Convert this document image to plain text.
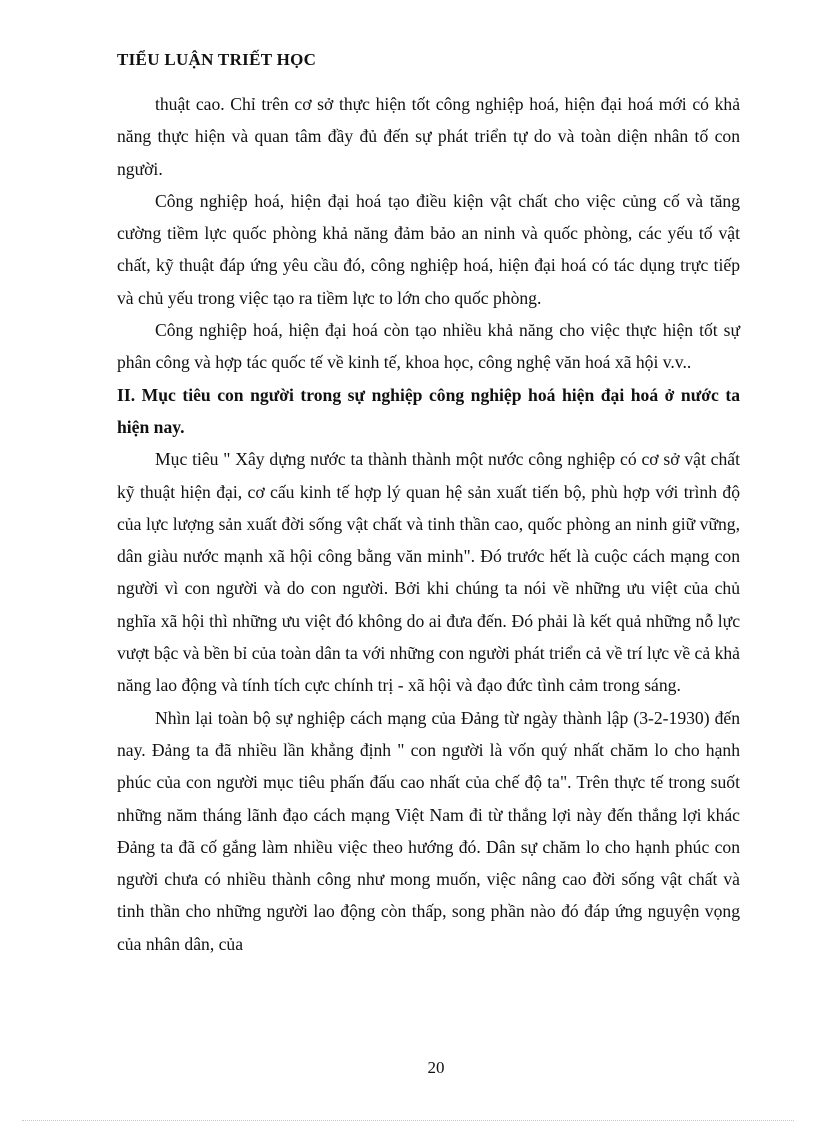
TIỂU LUẬN TRIẾT HỌC

thuật cao. Chỉ trên cơ sở thực hiện tốt công nghiệp hoá, hiện đại hoá mới có khả năng thực hiện và quan tâm đầy đủ đến sự phát triển tự do và toàn diện nhân tố con người.

Công nghiệp hoá, hiện đại hoá tạo điều kiện vật chất cho việc củng cố và tăng cường tiềm lực quốc phòng khả năng đảm bảo an ninh và quốc phòng, các yếu tố vật chất, kỹ thuật đáp ứng yêu cầu đó, công nghiệp hoá, hiện đại hoá có tác dụng trực tiếp và chủ yếu trong việc tạo ra tiềm lực to lớn cho quốc phòng.

Công nghiệp hoá, hiện đại hoá còn tạo nhiều khả năng cho việc thực hiện tốt sự phân công và hợp tác quốc tế về kinh tế, khoa học, công nghệ văn hoá xã hội v.v..

II. Mục tiêu con người trong sự nghiệp công nghiệp hoá hiện đại hoá ở nước ta hiện nay.

Mục tiêu " Xây dựng nước ta thành thành một nước công nghiệp có cơ sở vật chất kỹ thuật hiện đại, cơ cấu kinh tế hợp lý quan hệ sản xuất tiến bộ, phù hợp với trình độ của lực lượng sản xuất đời sống vật chất và tinh thần cao, quốc phòng an ninh giữ vững, dân giàu nước mạnh xã hội công bằng văn minh". Đó trước hết là cuộc cách mạng con người vì con người và do con người. Bởi khi chúng ta nói về những ưu việt của chủ nghĩa xã hội thì những ưu việt đó không do ai đưa đến. Đó phải là kết quả những nỗ lực vượt bậc và bền bỉ của toàn dân ta với những con người phát triển cả về trí lực về cả khả năng lao động và tính tích cực chính trị - xã hội và đạo đức tình cảm trong sáng.

Nhìn lại toàn bộ sự nghiệp cách mạng của Đảng từ ngày thành lập (3-2-1930) đến nay. Đảng ta đã nhiều lần khẳng định " con người là vốn quý nhất chăm lo cho hạnh phúc của con người mục tiêu phấn đấu cao nhất của chế độ ta". Trên thực tế trong suốt những năm tháng lãnh đạo cách mạng Việt Nam đi từ thắng lợi này đến thắng lợi khác Đảng ta đã cố gắng làm nhiều việc theo hướng đó. Dân sự chăm lo cho hạnh phúc con người chưa có nhiều thành công như mong muốn, việc nâng cao đời sống vật chất và tinh thần cho những người lao động còn thấp, song phần nào đó đáp ứng nguyện vọng của nhân dân, của

20
